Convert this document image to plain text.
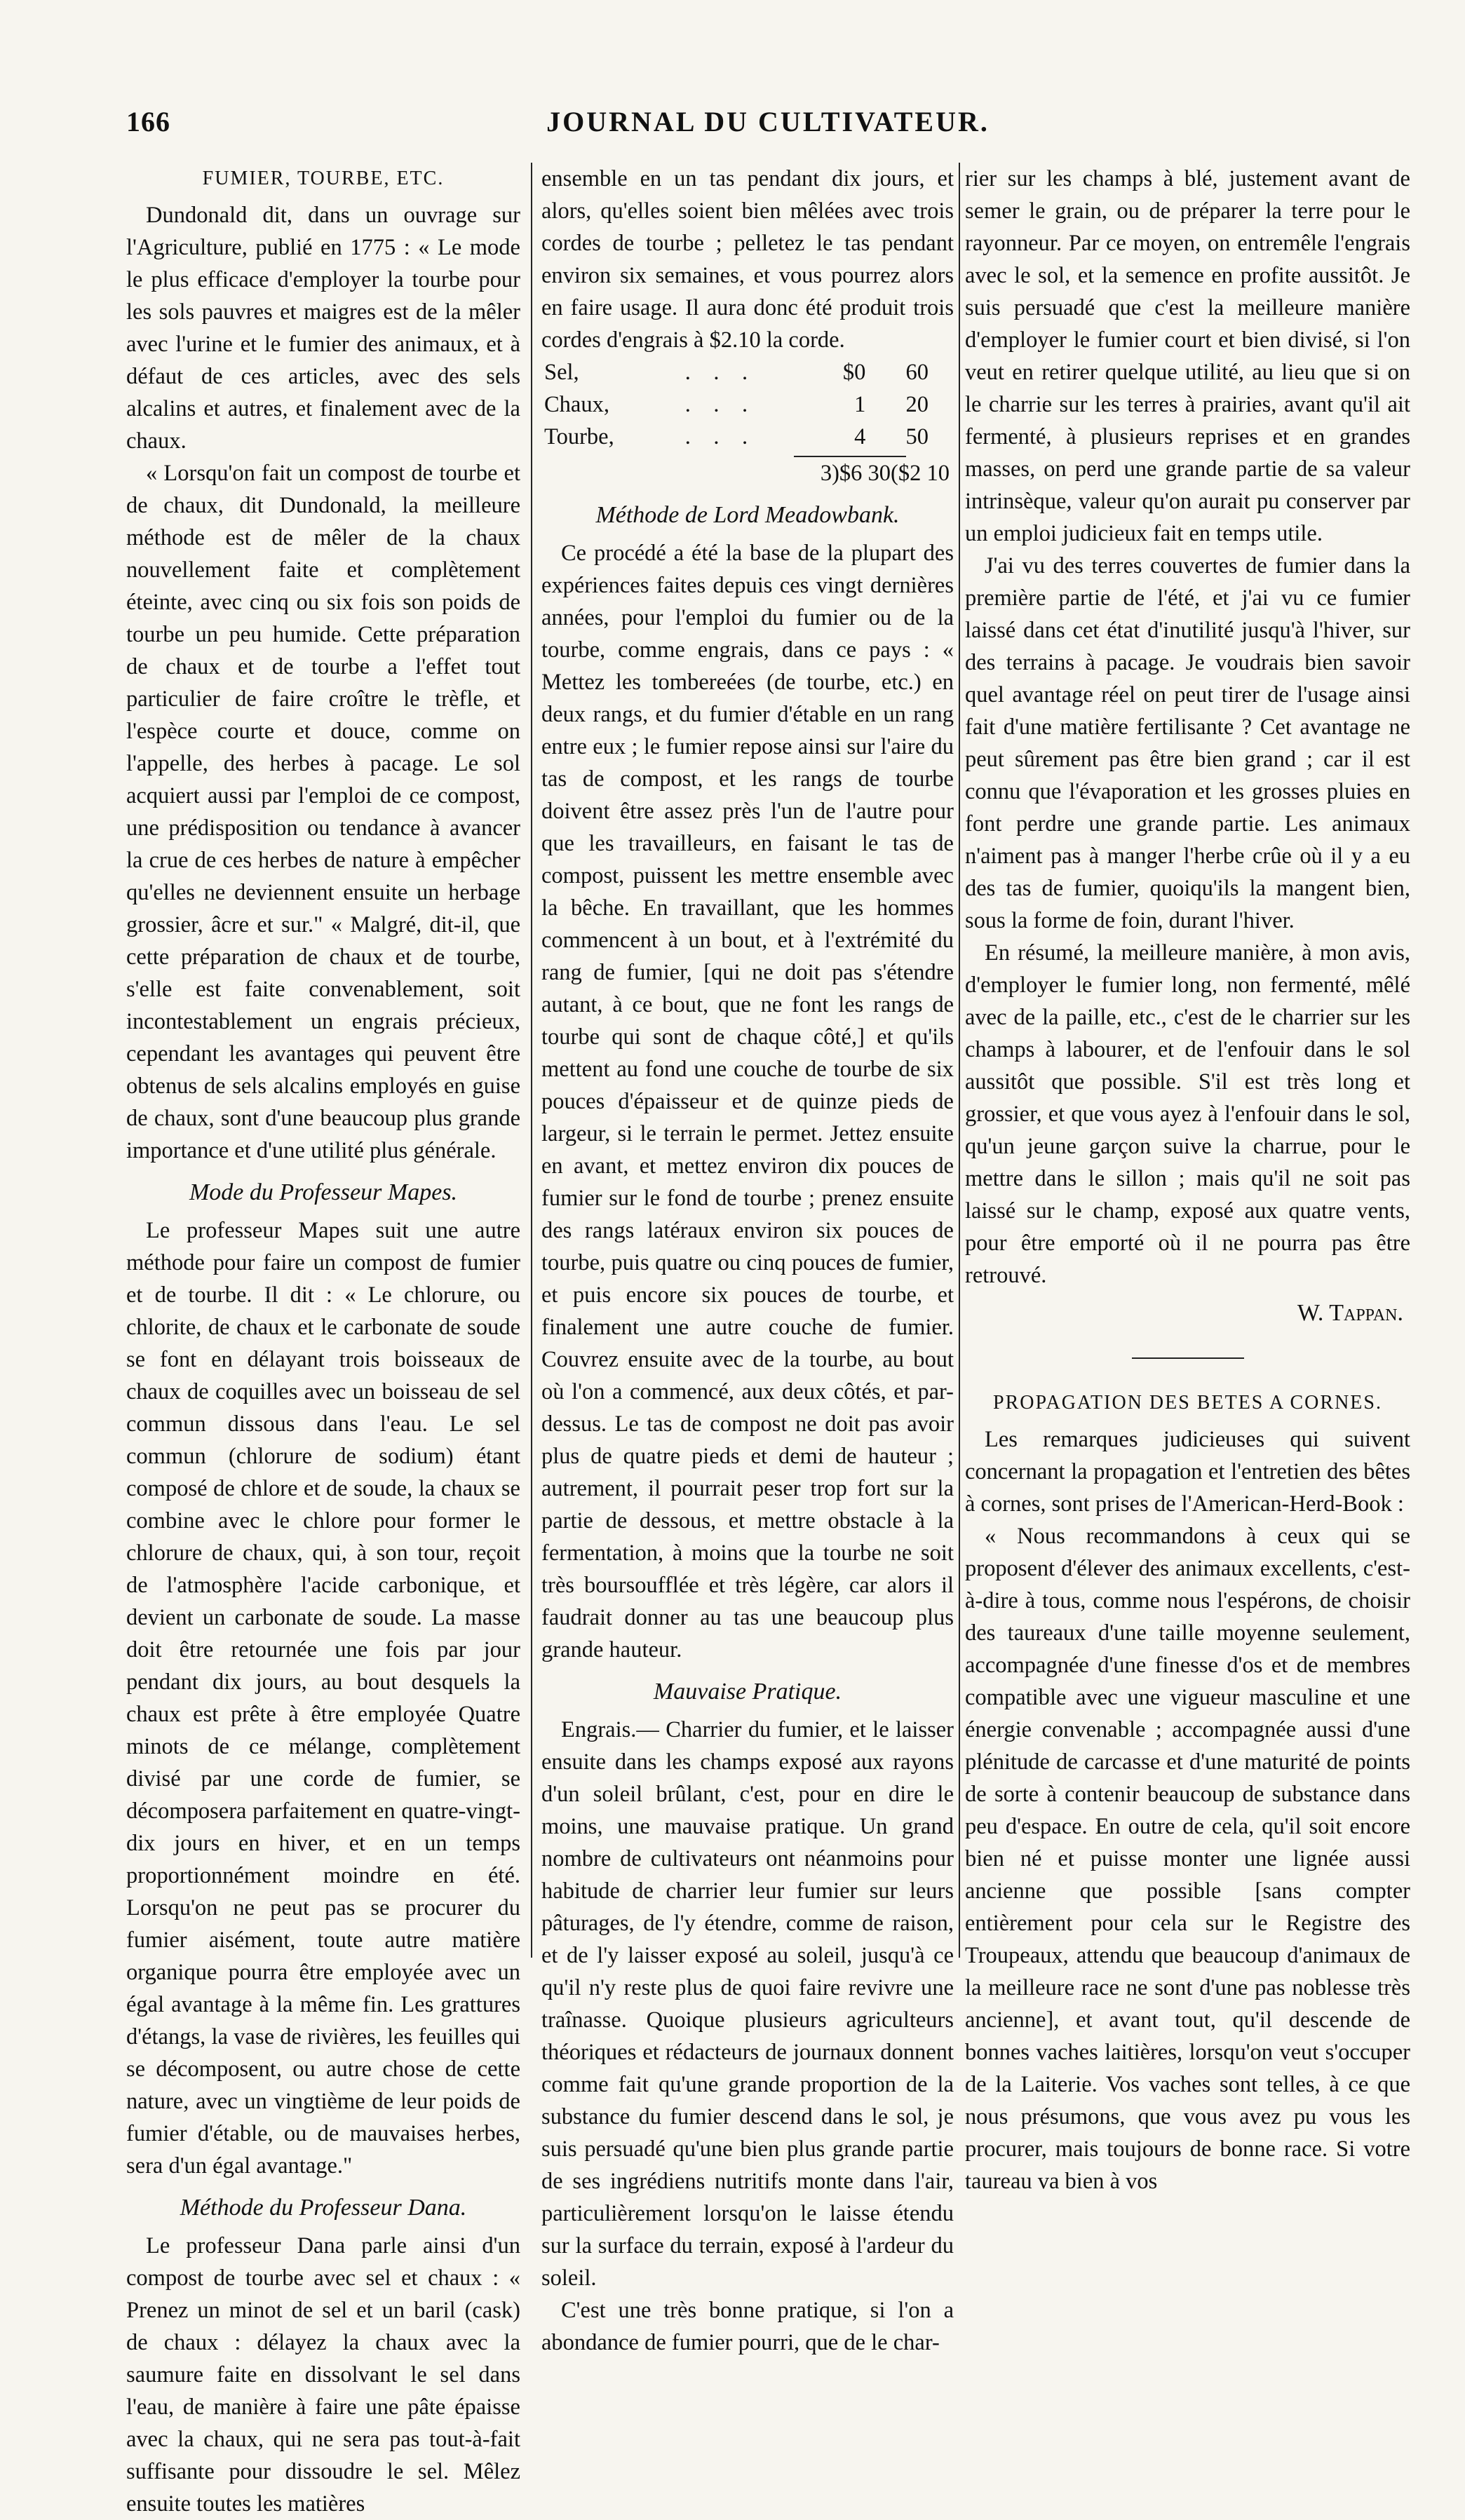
166	JOURNAL DU CULTIVATEUR.
FUMIER, TOURBE, ETC.

Dundonald dit, dans un ouvrage sur l'Agriculture, publié en 1775 : « Le mode le plus efficace d'employer la tourbe pour les sols pauvres et maigres est de la mêler avec l'urine et le fumier des animaux, et à défaut de ces articles, avec des sels alcalins et autres, et finalement avec de la chaux.

« Lorsqu'on fait un compost de tourbe et de chaux, dit Dundonald, la meilleure méthode est de mêler de la chaux nouvellement faite et complètement éteinte, avec cinq ou six fois son poids de tourbe un peu humide. Cette préparation de chaux et de tourbe a l'effet tout particulier de faire croître le trèfle, et l'espèce courte et douce, comme on l'appelle, des herbes à pacage. Le sol acquiert aussi par l'emploi de ce compost, une prédisposition ou tendance à avancer la crue de ces herbes de nature à empêcher qu'elles ne deviennent ensuite un herbage grossier, âcre et sur." « Malgré, dit-il, que cette préparation de chaux et de tourbe, s'elle est faite convenablement, soit incontestablement un engrais précieux, cependant les avantages qui peuvent être obtenus de sels alcalins employés en guise de chaux, sont d'une beaucoup plus grande importance et d'une utilité plus générale.

Mode du Professeur Mapes.

Le professeur Mapes suit une autre méthode pour faire un compost de fumier et de tourbe. Il dit : « Le chlorure, ou chlorite, de chaux et le carbonate de soude se font en délayant trois boisseaux de chaux de coquilles avec un boisseau de sel commun dissous dans l'eau. Le sel commun (chlorure de sodium) étant composé de chlore et de soude, la chaux se combine avec le chlore pour former le chlorure de chaux, qui, à son tour, reçoit de l'atmosphère l'acide carbonique, et devient un carbonate de soude. La masse doit être retournée une fois par jour pendant dix jours, au bout desquels la chaux est prête à être employée Quatre minots de ce mélange, complètement divisé par une corde de fumier, se décomposera parfaitement en quatre-vingt-dix jours en hiver, et en un temps proportionnément moindre en été. Lorsqu'on ne peut pas se procurer du fumier aisément, toute autre matière organique pourra être employée avec un égal avantage à la même fin. Les grattures d'étangs, la vase de rivières, les feuilles qui se décomposent, ou autre chose de cette nature, avec un vingtième de leur poids de fumier d'étable, ou de mauvaises herbes, sera d'un égal avantage."

Méthode du Professeur Dana.

Le professeur Dana parle ainsi d'un compost de tourbe avec sel et chaux : « Prenez un minot de sel et un baril (cask) de chaux : délayez la chaux avec la saumure faite en dissolvant le sel dans l'eau, de manière à faire une pâte épaisse avec la chaux, qui ne sera pas tout-à-fait suffisante pour dissoudre le sel. Mêlez ensuite toutes les matières

ensemble en un tas pendant dix jours, et alors, qu'elles soient bien mêlées avec trois cordes de tourbe ; pelletez le tas pendant environ six semaines, et vous pourrez alors en faire usage. Il aura donc été produit trois cordes d'engrais à $2.10 la corde.

Sel,	.    .    .	$0	60
Chaux,	.    .    .	1	20
Tourbe,	.    .    .	4	50
3)$6 30($2 10
Méthode de Lord Meadowbank.

Ce procédé a été la base de la plupart des expériences faites depuis ces vingt dernières années, pour l'emploi du fumier ou de la tourbe, comme engrais, dans ce pays : « Mettez les tombereées (de tourbe, etc.) en deux rangs, et du fumier d'étable en un rang entre eux ; le fumier repose ainsi sur l'aire du tas de compost, et les rangs de tourbe doivent être assez près l'un de l'autre pour que les travailleurs, en faisant le tas de compost, puissent les mettre ensemble avec la bêche. En travaillant, que les hommes commencent à un bout, et à l'extrémité du rang de fumier, [qui ne doit pas s'étendre autant, à ce bout, que ne font les rangs de tourbe qui sont de chaque côté,] et qu'ils mettent au fond une couche de tourbe de six pouces d'épaisseur et de quinze pieds de largeur, si le terrain le permet. Jettez ensuite en avant, et mettez environ dix pouces de fumier sur le fond de tourbe ; prenez ensuite des rangs latéraux environ six pouces de tourbe, puis quatre ou cinq pouces de fumier, et puis encore six pouces de tourbe, et finalement une autre couche de fumier. Couvrez ensuite avec de la tourbe, au bout où l'on a commencé, aux deux côtés, et par-dessus. Le tas de compost ne doit pas avoir plus de quatre pieds et demi de hauteur ; autrement, il pourrait peser trop fort sur la partie de dessous, et mettre obstacle à la fermentation, à moins que la tourbe ne soit très boursoufflée et très légère, car alors il faudrait donner au tas une beaucoup plus grande hauteur.

Mauvaise Pratique.

Engrais.— Charrier du fumier, et le laisser ensuite dans les champs exposé aux rayons d'un soleil brûlant, c'est, pour en dire le moins, une mauvaise pratique. Un grand nombre de cultivateurs ont néanmoins pour habitude de charrier leur fumier sur leurs pâturages, de l'y étendre, comme de raison, et de l'y laisser exposé au soleil, jusqu'à ce qu'il n'y reste plus de quoi faire revivre une traînasse. Quoique plusieurs agriculteurs théoriques et rédacteurs de journaux donnent comme fait qu'une grande proportion de la substance du fumier descend dans le sol, je suis persuadé qu'une bien plus grande partie de ses ingrédiens nutritifs monte dans l'air, particulièrement lorsqu'on le laisse étendu sur la surface du terrain, exposé à l'ardeur du soleil.

C'est une très bonne pratique, si l'on a abondance de fumier pourri, que de le char-

rier sur les champs à blé, justement avant de semer le grain, ou de préparer la terre pour le rayonneur. Par ce moyen, on entremêle l'engrais avec le sol, et la semence en profite aussitôt. Je suis persuadé que c'est la meilleure manière d'employer le fumier court et bien divisé, si l'on veut en retirer quelque utilité, au lieu que si on le charrie sur les terres à prairies, avant qu'il ait fermenté, à plusieurs reprises et en grandes masses, on perd une grande partie de sa valeur intrinsèque, valeur qu'on aurait pu conserver par un emploi judicieux fait en temps utile.

J'ai vu des terres couvertes de fumier dans la première partie de l'été, et j'ai vu ce fumier laissé dans cet état d'inutilité jusqu'à l'hiver, sur des terrains à pacage. Je voudrais bien savoir quel avantage réel on peut tirer de l'usage ainsi fait d'une matière fertilisante ? Cet avantage ne peut sûrement pas être bien grand ; car il est connu que l'évaporation et les grosses pluies en font perdre une grande partie. Les animaux n'aiment pas à manger l'herbe crûe où il y a eu des tas de fumier, quoiqu'ils la mangent bien, sous la forme de foin, durant l'hiver.

En résumé, la meilleure manière, à mon avis, d'employer le fumier long, non fermenté, mêlé avec de la paille, etc., c'est de le charrier sur les champs à labourer, et de l'enfouir dans le sol aussitôt que possible. S'il est très long et grossier, et que vous ayez à l'enfouir dans le sol, qu'un jeune garçon suive la charrue, pour le mettre dans le sillon ; mais qu'il ne soit pas laissé sur le champ, exposé aux quatre vents, pour être emporté où il ne pourra pas être retrouvé.

W. Tappan.
PROPAGATION DES BETES A CORNES.

Les remarques judicieuses qui suivent concernant la propagation et l'entretien des bêtes à cornes, sont prises de l'American-Herd-Book :

« Nous recommandons à ceux qui se proposent d'élever des animaux excellents, c'est-à-dire à tous, comme nous l'espérons, de choisir des taureaux d'une taille moyenne seulement, accompagnée d'une finesse d'os et de membres compatible avec une vigueur masculine et une énergie convenable ; accompagnée aussi d'une plénitude de carcasse et d'une maturité de points de sorte à contenir beaucoup de substance dans peu d'espace. En outre de cela, qu'il soit encore bien né et puisse monter une lignée aussi ancienne que possible [sans compter entièrement pour cela sur le Registre des Troupeaux, attendu que beaucoup d'animaux de la meilleure race ne sont d'une pas noblesse très ancienne], et avant tout, qu'il descende de bonnes vaches laitières, lorsqu'on veut s'occuper de la Laiterie. Vos vaches sont telles, à ce que nous présumons, que vous avez pu vous les procurer, mais toujours de bonne race. Si votre taureau va bien à vos
